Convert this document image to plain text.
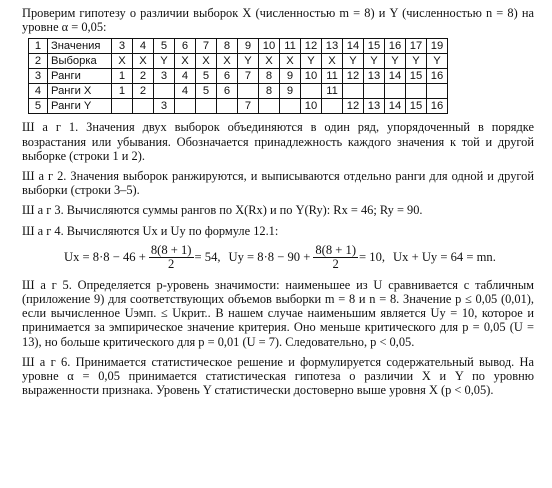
Проверим гипотезу о различии выборок X (численностью m = 8) и Y (численностью n = 8) на уровне α = 0,05:

1	Значения	3	4	5	6	7	8	9	10	11	12	13	14	15	16	17	19
2	Выборка	X	X	Y	X	X	X	Y	X	X	Y	X	Y	Y	Y	Y	Y
3	Ранги	1	2	3	4	5	6	7	8	9	10	11	12	13	14	15	16
4	Ранги X	1	2		4	5	6		8	9		11					
5	Ранги Y			3				7			10		12	13	14	15	16

Ш а г 1. Значения двух выборок объединяются в один ряд, упорядоченный в порядке возрастания или убывания. Обозначается принадлежность каждого значения к той и другой выборке (строки 1 и 2).

Ш а г 2. Значения выборок ранжируются, и выписываются отдельно ранги для одной и другой выборки (строки 3–5).

Ш а г 3. Вычисляются суммы рангов по X(Rx) и по Y(Ry): Rx = 46; Ry = 90.

Ш а г 4. Вычисляются Ux и Uy по формуле 12.1:

$Ux = 8\cdot 8 - 46 + \frac{8(8 + 1)}{2} = 54$, $Uy = 8\cdot 8 - 90 + \frac{8(8 + 1)}{2} = 10$, Ux + Uy = 64 = mn.

Ш а г 5. Определяется p-уровень значимости: наименьшее из U сравнивается с табличным (приложение 9) для соответствующих объемов выборки m = 8 и n = 8. Значение p ≤ 0,05 (0,01), если вычисленное Uэмп. ≤ Uкрит.. В нашем случае наименьшим является Uy = 10, которое и принимается за эмпирическое значение критерия. Оно меньше критического для p = 0,05 (U = 13), но больше критического для p = 0,01 (U = 7). Следовательно, p < 0,05.

Ш а г 6. Принимается статистическое решение и формулируется содержательный вывод. На уровне α = 0,05 принимается статистическая гипотеза о различии X и Y по уровню выраженности признака. Уровень Y статистически достоверно выше уровня X (p < 0,05).
